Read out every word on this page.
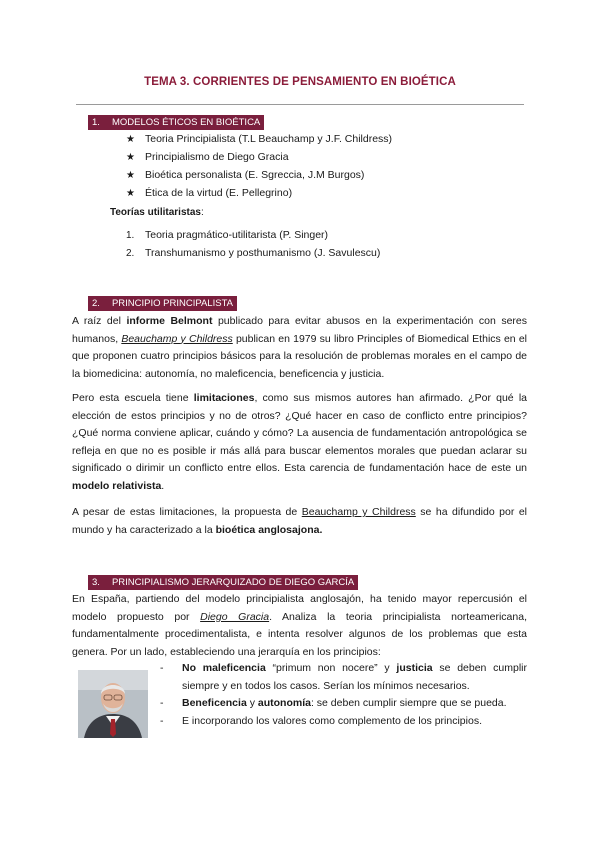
TEMA 3. CORRIENTES DE PENSAMIENTO EN BIOÉTICA
1. MODELOS ÉTICOS EN BIOÉTICA
★ Teoria Principialista (T.L Beauchamp y J.F. Childress)
★ Principialismo de Diego Gracia
★ Bioética personalista (E. Sgreccia, J.M Burgos)
★ Ética de la virtud (E. Pellegrino)
Teorías utilitaristas:
1. Teoria pragmático-utilitarista (P. Singer)
2. Transhumanismo y posthumanismo (J. Savulescu)
2. PRINCIPIO PRINCIPALISTA

A raíz del informe Belmont publicado para evitar abusos en la experimentación con seres humanos, Beauchamp y Childress publican en 1979 su libro Principles of Biomedical Ethics en el que proponen cuatro principios básicos para la resolución de problemas morales en el campo de la biomedicina: autonomía, no maleficencia, beneficencia y justicia.

Pero esta escuela tiene limitaciones, como sus mismos autores han afirmado. ¿Por qué la elección de estos principios y no de otros? ¿Qué hacer en caso de conflicto entre principios? ¿Qué norma conviene aplicar, cuándo y cómo? La ausencia de fundamentación antropológica se refleja en que no es posible ir más allá para buscar elementos morales que puedan aclarar su significado o dirimir un conflicto entre ellos. Esta carencia de fundamentación hace de este un modelo relativista.

A pesar de estas limitaciones, la propuesta de Beauchamp y Childress se ha difundido por el mundo y ha caracterizado a la bioética anglosajona.

3. PRINCIPIALISMO JERARQUIZADO DE DIEGO GARCÍA

En España, partiendo del modelo principialista anglosajón, ha tenido mayor repercusión el modelo propuesto por Diego Gracia. Analiza la teoria principialista norteamericana, fundamentalmente procedimentalista, e intenta resolver algunos de los problemas que esta genera. Por un lado, estableciendo una jerarquía en los principios:

- No maleficencia “primum non nocere” y justicia se deben cumplir siempre y en todos los casos. Serían los mínimos necesarios.
- Beneficencia y autonomía: se deben cumplir siempre que se pueda.
- E incorporando los valores como complemento de los principios.
